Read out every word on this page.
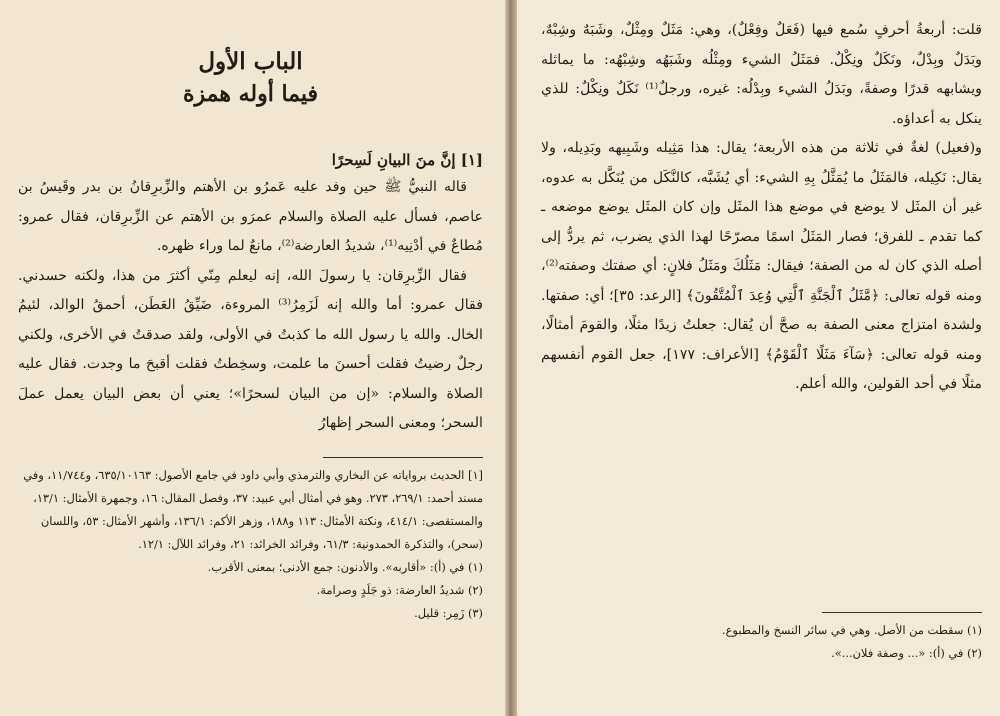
الباب الأول
فيما أوله همزة
[١] إنَّ منَ البيانِ لَسِحرًا

قاله النبيُّ ﷺ حين وفد عليه عَمرُو بن الأهتم والزِّبرِقانُ بن بدر وقَيسُ بن عاصم، فسأل عليه الصلاة والسلام عمرَو بن الأهتم عن الزِّبرِقان، فقال عمرو: مُطاعٌ في أدْنِيه⁽¹⁾، شديدُ العارضة⁽²⁾، مانعٌ لما وراء ظهره.

فقال الزِّبرِقان: يا رسولَ الله، إنه ليعلم مِنّي أكثرَ من هذا، ولكنه حسدني. فقال عمرو: أما والله إنه لَزَمِرُ⁽³⁾ المروءة، ضَيِّقُ العَطَن، أحمقُ الوالد، لئيمُ الخال. والله يا رسول الله ما كذبتُ في الأولى، ولقد صدقتُ في الأخرى، ولكني رجلٌ رضيتُ فقلت أحسنَ ما علمت، وسخِطتُ فقلت أقبحَ ما وجدت. فقال عليه الصلاة والسلام: «إن من البيان لسحرًا»؛ يعني أن بعض البيان يعمل عملَ السحر؛ ومعنى السحر إظهارُ

[١] الحديث برواياته عن البخاري والترمذي وأبي داود في جامع الأصول: ٦٣٥/١٠١٦٣، و١١/٧٤٤، وفي مسند أحمد: ٢٦٩/١، ٢٧٣. وهو في أمثال أبي عبيد: ٣٧، وفصل المقال: ١٦، وجمهرة الأمثال: ١٣/١، والمستقصى: ٤١٤/١، ونكتة الأمثال: ١١٣ و١٨٨، وزهر الأكم: ١٣٦/١، وأشهر الأمثال: ٥٣، واللسان (سحر)، والتذكرة الحمدونية: ٦١/٣، وفرائد الخرائد: ٢١، وفرائد اللآل: ١٢/١.

(١) في (أ): «أقاربه». والأدنون: جمع الأدنى؛ بمعنى الأقرب.

(٢) شديدُ العارضة: ذو جَلَدٍ وصرامة.

(٣) زَمِر: قليل.

قلت: أربعةُ أحرفٍ سُمع فيها (فَعَلٌ وفِعْلٌ)، وهي: مَثَلٌ ومِثْلٌ، وشَبَهٌ وشِبْهٌ، وبَدَلٌ وبِدْلٌ، ونَكَلٌ ونِكْلٌ. فمَثَلُ الشيء ومِثْلُه وشَبَهُه وشِبْهُه: ما يماثله ويشابهه قدرًا وصفةً، وبَدَلُ الشيء وبِدْلُه: غيره، ورجلٌ⁽¹⁾ نَكَلٌ ونِكْلٌ: للذي ينكل به أعداؤه.

و(فعيل) لغةٌ في ثلاثة من هذه الأربعة؛ يقال: هذا مَثِيله وشَبِيهه وبَدِيله، ولا يقال: نَكِيله، فالمَثَلُ ما يُمَثَّلُ بِهِ الشيء: أي يُشَبَّه، كالنَّكَل من يُنَكَّل به عدوه، غير أن المثَل لا يوضع في موضع هذا المثَل وإن كان المثَل يوضع موضعه ـ كما تقدم ـ للفرق؛ فصار المَثَلُ اسمًا مصرّحًا لهذا الذي يضرب، ثم يردُّ إلى أصله الذي كان له من الصفة؛ فيقال: مَثَلُكَ ومَثَلُ فلانٍ: أي صفتك وصفته⁽²⁾، ومنه قوله تعالى: ﴿مَّثَلُ ٱلْجَنَّةِ ٱلَّتِي وُعِدَ ٱلْمُتَّقُونَ﴾ [الرعد: ٣٥]؛ أي: صفتها. ولشدة امتزاج معنى الصفة به صحَّ أن يُقال: جعلتُ زيدًا مثلًا، والقومَ أمثالًا، ومنه قوله تعالى: ﴿سَآءَ مَثَلًا ٱلْقَوْمُ﴾ [الأعراف: ١٧٧]، جعل القوم أنفسهم مثلًا في أحد القولين، والله أعلم.

(١) سقطت من الأصل. وهي في سائر النسخ والمطبوع.

(٢) في (أ): «... وصفة فلان...».
